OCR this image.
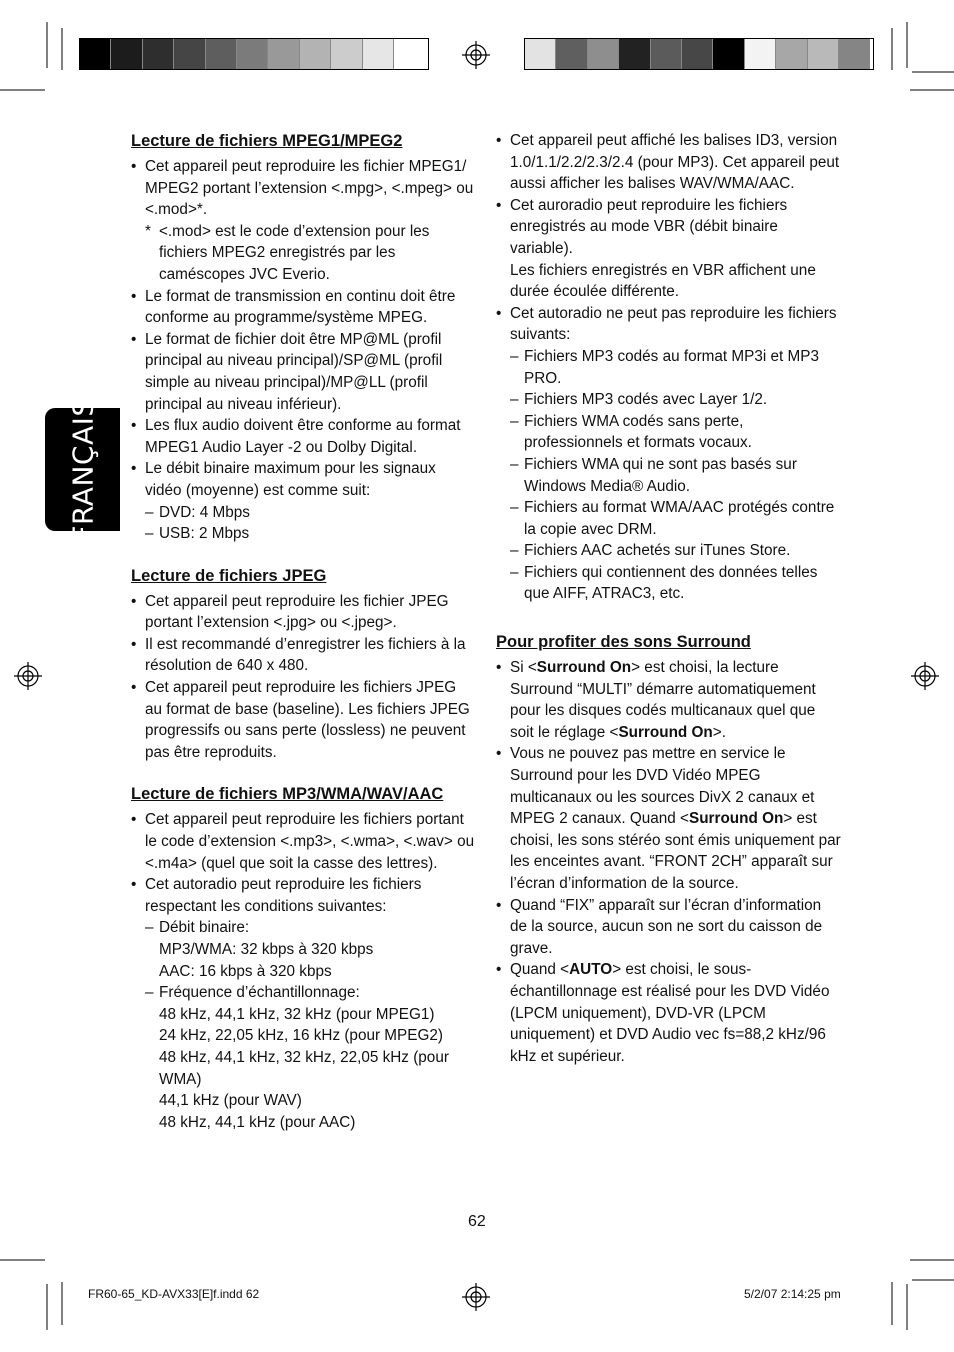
FRANÇAIS
Lecture de fichiers MPEG1/MPEG2
• Cet appareil peut reproduire les fichier MPEG1/ MPEG2 portant l’extension <.mpg>, <.mpeg> ou <.mod>*.
* <.mod> est le code d’extension pour les fichiers MPEG2 enregistrés par les caméscopes JVC Everio.
• Le format de transmission en continu doit être conforme au programme/système MPEG.
• Le format de fichier doit être MP@ML (profil principal au niveau principal)/SP@ML (profil simple au niveau principal)/MP@LL (profil principal au niveau inférieur).
• Les flux audio doivent être conforme au format MPEG1 Audio Layer -2 ou Dolby Digital.
• Le débit binaire maximum pour les signaux vidéo (moyenne) est comme suit:
– DVD: 4 Mbps
– USB: 2 Mbps
Lecture de fichiers JPEG
• Cet appareil peut reproduire les fichier JPEG portant l’extension <.jpg> ou <.jpeg>.
• Il est recommandé d’enregistrer les fichiers à la résolution de 640 x 480.
• Cet appareil peut reproduire les fichiers JPEG au format de base (baseline). Les fichiers JPEG progressifs ou sans perte (lossless) ne peuvent pas être reproduits.
Lecture de fichiers MP3/WMA/WAV/AAC
• Cet appareil peut reproduire les fichiers portant le code d’extension <.mp3>, <.wma>, <.wav> ou <.m4a> (quel que soit la casse des lettres).
• Cet autoradio peut reproduire les fichiers respectant les conditions suivantes:
– Débit binaire:
MP3/WMA: 32 kbps à 320 kbps
AAC: 16 kbps à 320 kbps
– Fréquence d’échantillonnage:
48 kHz, 44,1 kHz, 32 kHz (pour MPEG1)
24 kHz, 22,05 kHz, 16 kHz (pour MPEG2)
48 kHz, 44,1 kHz, 32 kHz, 22,05 kHz (pour WMA)
44,1 kHz (pour WAV)
48 kHz, 44,1 kHz (pour AAC)
• Cet appareil peut affiché les balises ID3, version 1.0/1.1/2.2/2.3/2.4 (pour MP3). Cet appareil peut aussi afficher les balises WAV/WMA/AAC.
• Cet auroradio peut reproduire les fichiers enregistrés au mode VBR (débit binaire variable).
Les fichiers enregistrés en VBR affichent une durée écoulée différente.
• Cet autoradio ne peut pas reproduire les fichiers suivants:
– Fichiers MP3 codés au format MP3i et MP3 PRO.
– Fichiers MP3 codés avec Layer 1/2.
– Fichiers WMA codés sans perte, professionnels et formats vocaux.
– Fichiers WMA qui ne sont pas basés sur Windows Media® Audio.
– Fichiers au format WMA/AAC protégés contre la copie avec DRM.
– Fichiers AAC achetés sur iTunes Store.
– Fichiers qui contiennent des données telles que AIFF, ATRAC3, etc.
Pour profiter des sons Surround
• Si <Surround On> est choisi, la lecture Surround “MULTI” démarre automatiquement pour les disques codés multicanaux quel que soit le réglage <Surround On>.
• Vous ne pouvez pas mettre en service le Surround pour les DVD Vidéo MPEG multicanaux ou les sources DivX 2 canaux et MPEG 2 canaux. Quand <Surround On> est choisi, les sons stéréo sont émis uniquement par les enceintes avant. “FRONT 2CH” apparaît sur l’écran d’information de la source.
• Quand “FIX” apparaît sur l’écran d’information de la source, aucun son ne sort du caisson de grave.
• Quand <AUTO> est choisi, le sous-échantillonnage est réalisé pour les DVD Vidéo (LPCM uniquement), DVD-VR (LPCM uniquement) et DVD Audio vec fs=88,2 kHz/96 kHz et supérieur.
62
FR60-65_KD-AVX33[E]f.indd 62	5/2/07 2:14:25 pm
